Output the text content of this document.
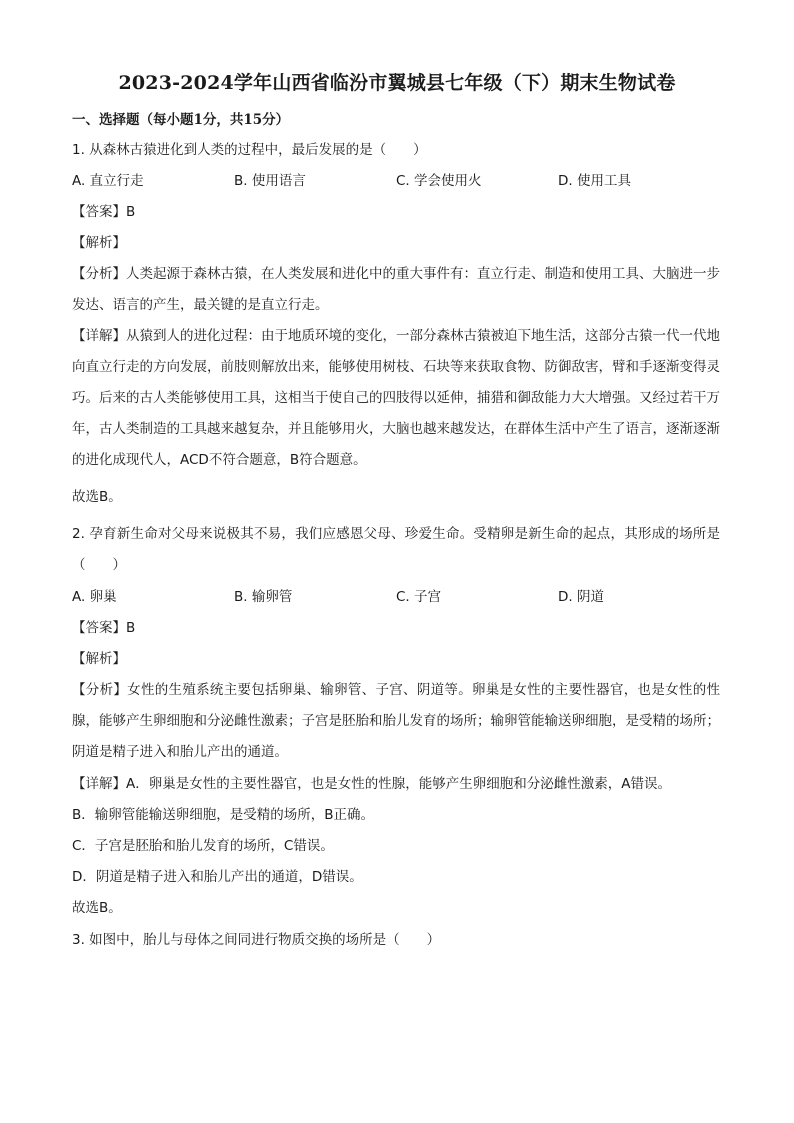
2023-2024学年山西省临汾市翼城县七年级（下）期末生物试卷
一、选择题（每小题1分，共15分）
1. 从森林古猿进化到人类的过程中，最后发展的是（　　）
A. 直立行走	B. 使用语言	C. 学会使用火	D. 使用工具
【答案】B
【解析】
【分析】人类起源于森林古猿，在人类发展和进化中的重大事件有：直立行走、制造和使用工具、大脑进一步发达、语言的产生，最关键的是直立行走。
【详解】从猿到人的进化过程：由于地质环境的变化，一部分森林古猿被迫下地生活，这部分古猿一代一代地向直立行走的方向发展，前肢则解放出来，能够使用树枝、石块等来获取食物、防御敌害，臂和手逐渐变得灵巧。后来的古人类能够使用工具，这相当于使自己的四肢得以延伸，捕猎和御敌能力大大增强。又经过若干万年，古人类制造的工具越来越复杂，并且能够用火，大脑也越来越发达，在群体生活中产生了语言，逐渐逐渐的进化成现代人，ACD不符合题意，B符合题意。
故选B。
2. 孕育新生命对父母来说极其不易，我们应感恩父母、珍爱生命。受精卵是新生命的起点，其形成的场所是（　　）
A. 卵巢	B. 输卵管	C. 子宫	D. 阴道
【答案】B
【解析】
【分析】女性的生殖系统主要包括卵巢、输卵管、子宫、阴道等。卵巢是女性的主要性器官，也是女性的性腺，能够产生卵细胞和分泌雌性激素；子宫是胚胎和胎儿发育的场所；输卵管能输送卵细胞，是受精的场所；阴道是精子进入和胎儿产出的通道。
【详解】A．卵巢是女性的主要性器官，也是女性的性腺，能够产生卵细胞和分泌雌性激素，A错误。
B．输卵管能输送卵细胞，是受精的场所，B正确。
C．子宫是胚胎和胎儿发育的场所，C错误。
D．阴道是精子进入和胎儿产出的通道，D错误。
故选B。
3. 如图中，胎儿与母体之间同进行物质交换的场所是（　　）
